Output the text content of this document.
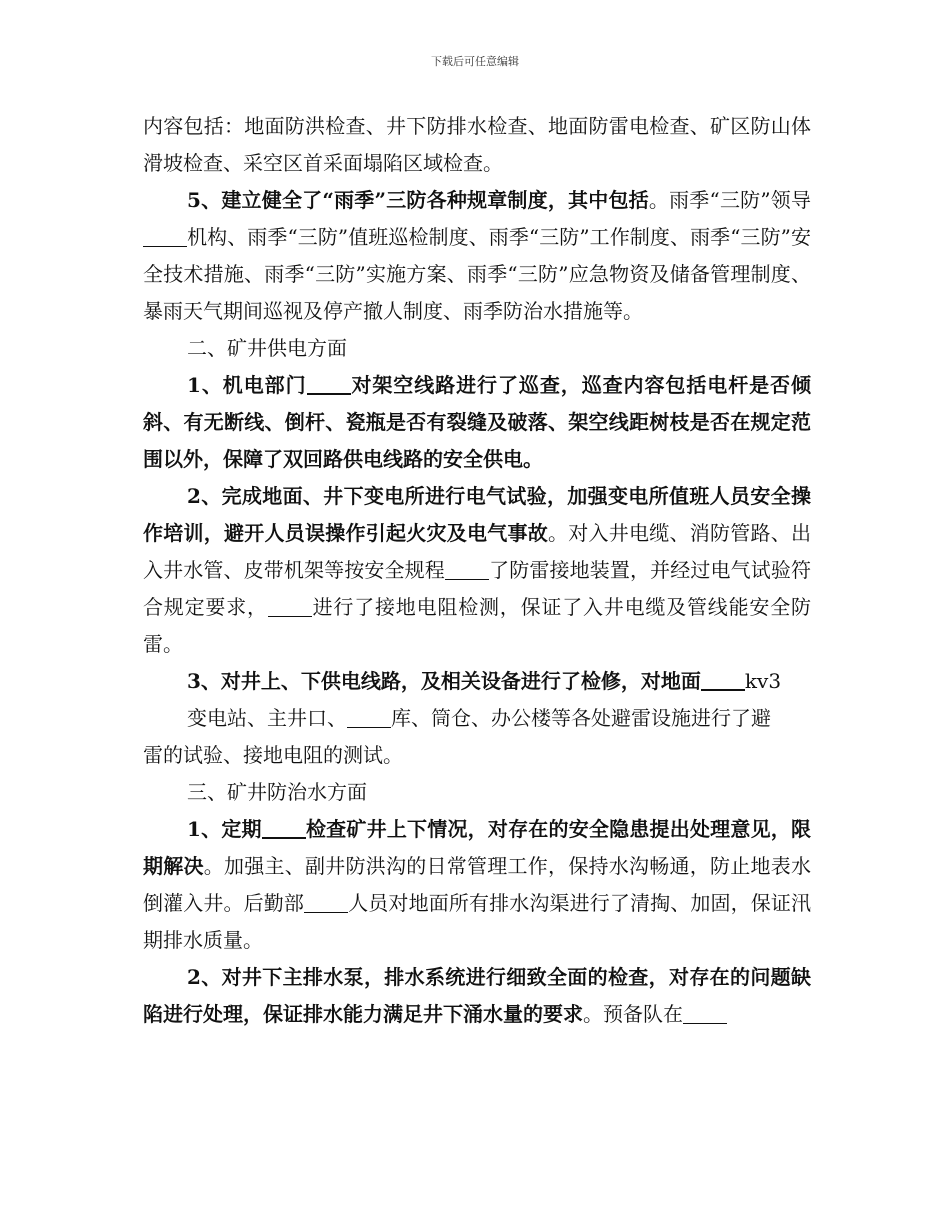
下载后可任意编辑

内容包括：地面防洪检查、井下防排水检查、地面防雷电检查、矿区防山体滑坡检查、采空区首采面塌陷区域检查。

5、建立健全了“雨季”三防各种规章制度，其中包括。雨季“三防”领导机构、雨季“三防”值班巡检制度、雨季“三防”工作制度、雨季“三防”安全技术措施、雨季“三防”实施方案、雨季“三防”应急物资及储备管理制度、暴雨天气期间巡视及停产撤人制度、雨季防治水措施等。

二、矿井供电方面

1、机电部门 对架空线路进行了巡查，巡查内容包括电杆是否倾斜、有无断线、倒杆、瓷瓶是否有裂缝及破落、架空线距树枝是否在规定范围以外，保障了双回路供电线路的安全供电。

2、完成地面、井下变电所进行电气试验，加强变电所值班人员安全操作培训，避开人员误操作引起火灾及电气事故。对入井电缆、消防管路、出入井水管、皮带机架等按安全规程 了防雷接地装置，并经过电气试验符合规定要求， 进行了接地电阻检测，保证了入井电缆及管线能安全防雷。

3、对井上、下供电线路，及相关设备进行了检修，对地面 kv3

变电站、主井口、 库、筒仓、办公楼等各处避雷设施进行了避

雷的试验、接地电阻的测试。

三、矿井防治水方面

1、定期 检查矿井上下情况，对存在的安全隐患提出处理意见，限期解决。加强主、副井防洪沟的日常管理工作，保持水沟畅通，防止地表水倒灌入井。后勤部 人员对地面所有排水沟渠进行了清掏、加固，保证汛期排水质量。

2、对井下主排水泵，排水系统进行细致全面的检查，对存在的问题缺陷进行处理，保证排水能力满足井下涌水量的要求。预备队在
